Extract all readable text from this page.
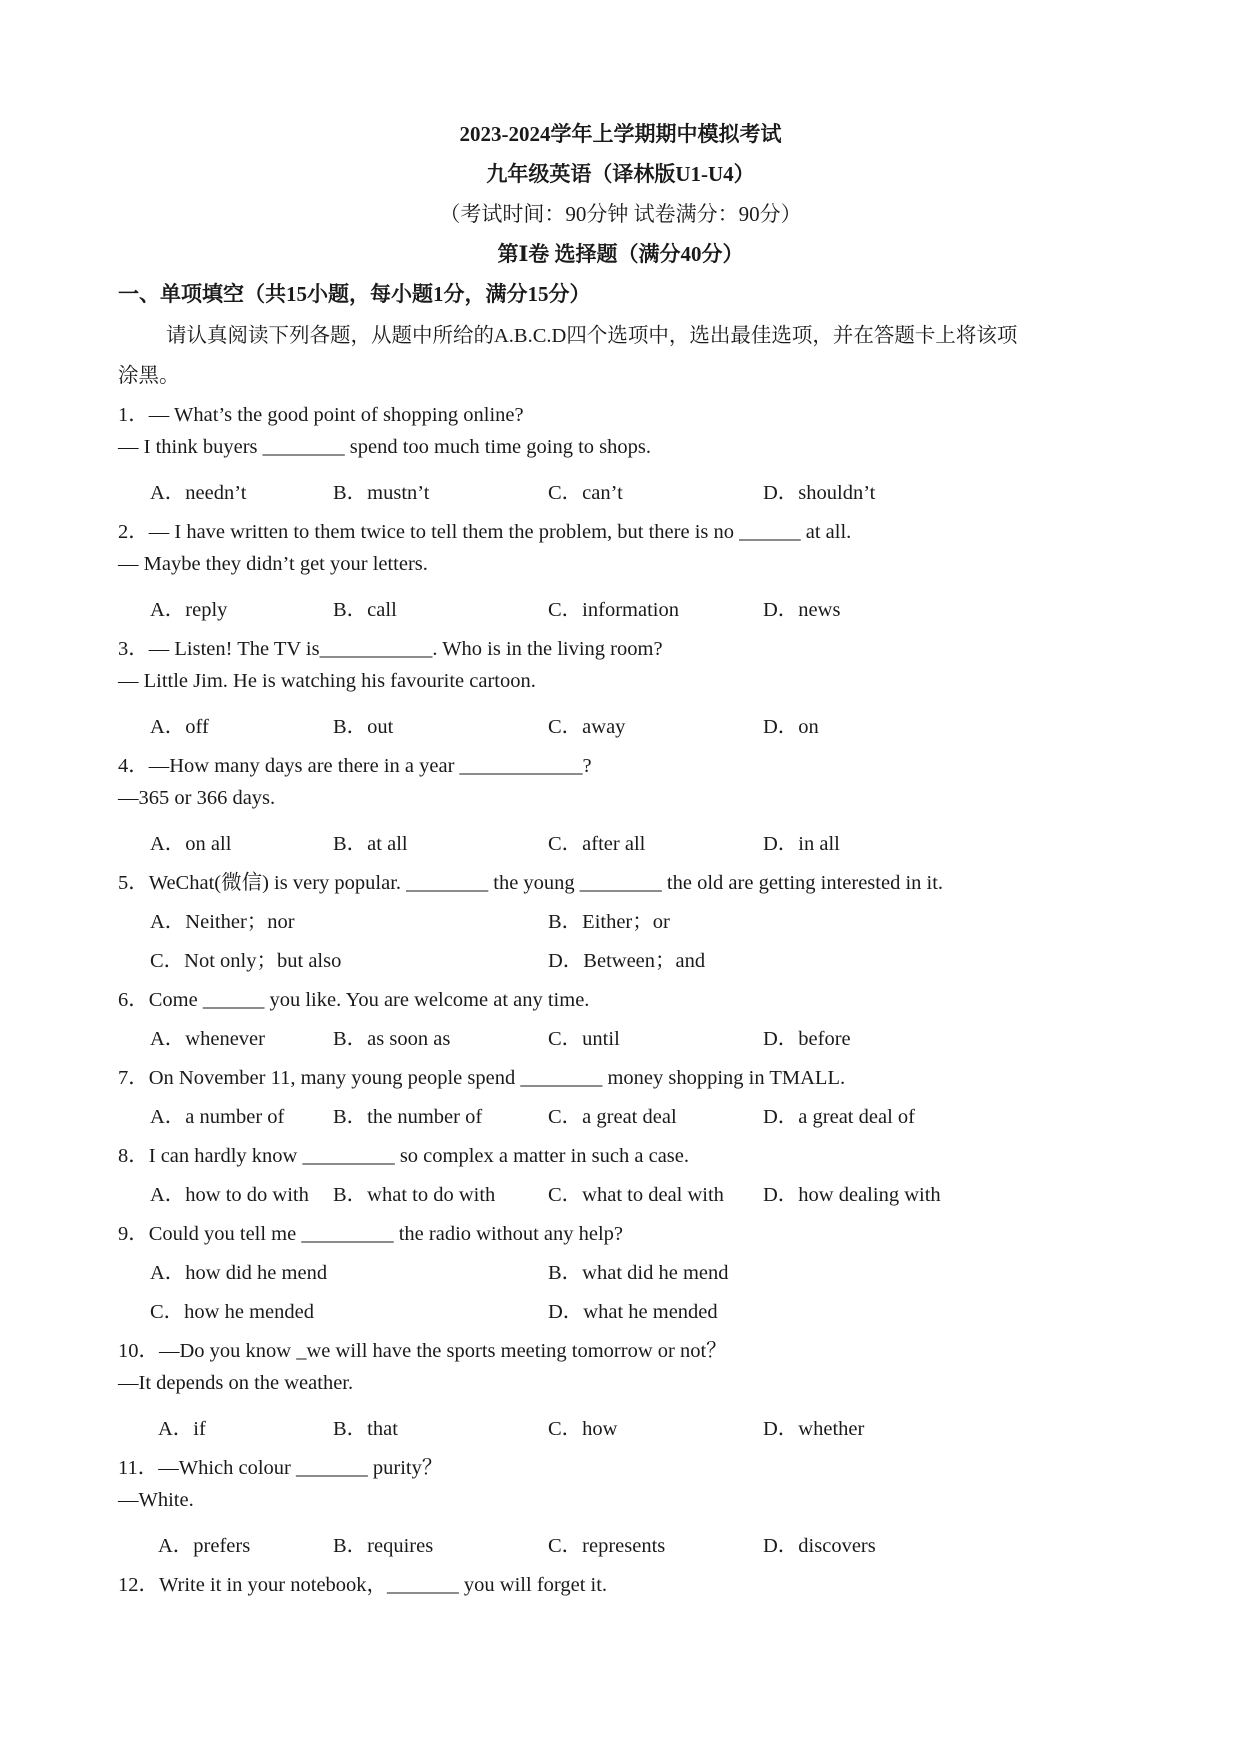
2023-2024学年上学期期中模拟考试
九年级英语（译林版U1-U4）
（考试时间：90分钟 试卷满分：90分）
第Ⅰ卷 选择题（满分40分）
一、单项填空（共15小题，每小题1分，满分15分）
请认真阅读下列各题，从题中所给的A.B.C.D四个选项中，选出最佳选项，并在答题卡上将该项
涂黑。
1．— What’s the good point of shopping online?
— I think buyers ________ spend too much time going to shops.
A．needn’t	B．mustn’t	C．can’t	D．shouldn’t
2．— I have written to them twice to tell them the problem, but there is no ______ at all.
— Maybe they didn’t get your letters.
A．reply	B．call	C．information	D．news
3．— Listen! The TV is___________. Who is in the living room?
— Little Jim. He is watching his favourite cartoon.
A．off	B．out	C．away	D．on
4．—How many days are there in a year ____________?
—365 or 366 days.
A．on all	B．at all	C．after all	D．in all
5．WeChat(微信) is very popular. ________ the young ________ the old are getting interested in it.
A．Neither；nor	B．Either；or
C．Not only；but also	D．Between；and
6．Come ______ you like. You are welcome at any time.
A．whenever	B．as soon as	C．until	D．before
7．On November 11, many young people spend ________ money shopping in TMALL.
A．a number of B．the number of	C．a great deal	D．a great deal of
8．I can hardly know _________ so complex a matter in such a case.
A．how to do with B．what to do with	C．what to deal with D．how dealing with
9．Could you tell me _________ the radio without any help?
A．how did he mend	B．what did he mend
C．how he mended	D．what he mended
10．—Do you know _we will have the sports meeting tomorrow or not？
—It depends on the weather.
A．if	B．that	C．how	D．whether
11．—Which colour _______ purity？
—White.
A．prefers	B．requires	C．represents	D．discovers
12．Write it in your notebook，_______ you will forget it.
